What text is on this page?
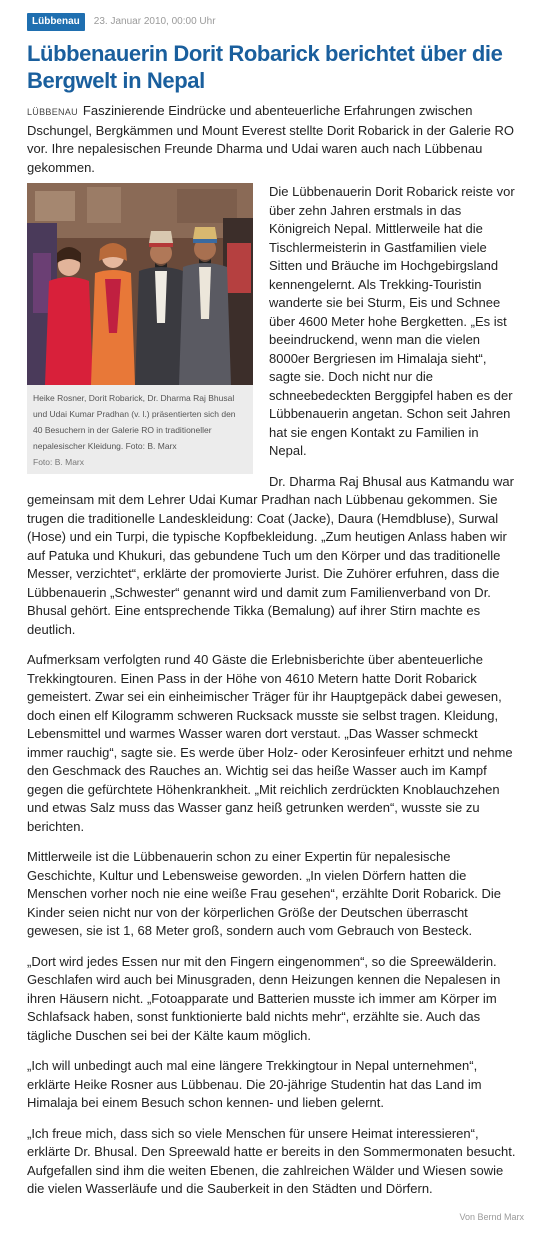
Lübbenau	23. Januar 2010, 00:00 Uhr
Lübbenauerin Dorit Robarick berichtet über die Bergwelt in Nepal
LÜBBENAU Faszinierende Eindrücke und abenteuerliche Erfahrungen zwischen Dschungel, Bergkämmen und Mount Everest stellte Dorit Robarick in der Galerie RO vor. Ihre nepalesischen Freunde Dharma und Udai waren auch nach Lübbenau gekommen.
Heike Rosner, Dorit Robarick, Dr. Dharma Raj Bhusal und Udai Kumar Pradhan (v. l.) präsentierten sich den 40 Besuchern in der Galerie RO in traditioneller nepalesischer Kleidung. Foto: B. Marx
Foto: B. Marx

Die Lübbenauerin Dorit Robarick reiste vor über zehn Jahren erstmals in das Königreich Nepal. Mittlerweile hat die Tischlermeisterin in Gastfamilien viele Sitten und Bräuche im Hochgebirgsland kennengelernt. Als Trekking-Touristin wanderte sie bei Sturm, Eis und Schnee über 4600 Meter hohe Bergketten. „Es ist beeindruckend, wenn man die vielen 8000er Bergriesen im Himalaja sieht“, sagte sie. Doch nicht nur die schneebedeckten Berggipfel haben es der Lübbenauerin angetan. Schon seit Jahren hat sie engen Kontakt zu Familien in Nepal.

Dr. Dharma Raj Bhusal aus Katmandu war gemeinsam mit dem Lehrer Udai Kumar Pradhan nach Lübbenau gekommen. Sie trugen die traditionelle Landeskleidung: Coat (Jacke), Daura (Hemdbluse), Surwal (Hose) und ein Turpi, die typische Kopfbekleidung. „Zum heutigen Anlass haben wir auf Patuka und Khukuri, das gebundene Tuch um den Körper und das traditionelle Messer, verzichtet“, erklärte der promovierte Jurist. Die Zuhörer erfuhren, dass die Lübbenauerin „Schwester“ genannt wird und damit zum Familienverband von Dr. Bhusal gehört. Eine entsprechende Tikka (Bemalung) auf ihrer Stirn machte es deutlich.

Aufmerksam verfolgten rund 40 Gäste die Erlebnisberichte über abenteuerliche Trekkingtouren. Einen Pass in der Höhe von 4610 Metern hatte Dorit Robarick gemeistert. Zwar sei ein einheimischer Träger für ihr Hauptgepäck dabei gewesen, doch einen elf Kilogramm schweren Rucksack musste sie selbst tragen. Kleidung, Lebensmittel und warmes Wasser waren dort verstaut. „Das Wasser schmeckt immer rauchig“, sagte sie. Es werde über Holz- oder Kerosinfeuer erhitzt und nehme den Geschmack des Rauches an. Wichtig sei das heiße Wasser auch im Kampf gegen die gefürchtete Höhenkrankheit. „Mit reichlich zerdrückten Knoblauchzehen und etwas Salz muss das Wasser ganz heiß getrunken werden“, wusste sie zu berichten.

Mittlerweile ist die Lübbenauerin schon zu einer Expertin für nepalesische Geschichte, Kultur und Lebensweise geworden. „In vielen Dörfern hatten die Menschen vorher noch nie eine weiße Frau gesehen“, erzählte Dorit Robarick. Die Kinder seien nicht nur von der körperlichen Größe der Deutschen überrascht gewesen, sie ist 1, 68 Meter groß, sondern auch vom Gebrauch von Besteck.

„Dort wird jedes Essen nur mit den Fingern eingenommen“, so die Spreewälderin. Geschlafen wird auch bei Minusgraden, denn Heizungen kennen die Nepalesen in ihren Häusern nicht. „Fotoapparate und Batterien musste ich immer am Körper im Schlafsack haben, sonst funktionierte bald nichts mehr“, erzählte sie. Auch das tägliche Duschen sei bei der Kälte kaum möglich.

„Ich will unbedingt auch mal eine längere Trekkingtour in Nepal unternehmen“, erklärte Heike Rosner aus Lübbenau. Die 20-jährige Studentin hat das Land im Himalaja bei einem Besuch schon kennen- und lieben gelernt.

„Ich freue mich, dass sich so viele Menschen für unsere Heimat interessieren“, erklärte Dr. Bhusal. Den Spreewald hatte er bereits in den Sommermonaten besucht. Aufgefallen sind ihm die weiten Ebenen, die zahlreichen Wälder und Wiesen sowie die vielen Wasserläufe und die Sauberkeit in den Städten und Dörfern.

Von Bernd Marx
